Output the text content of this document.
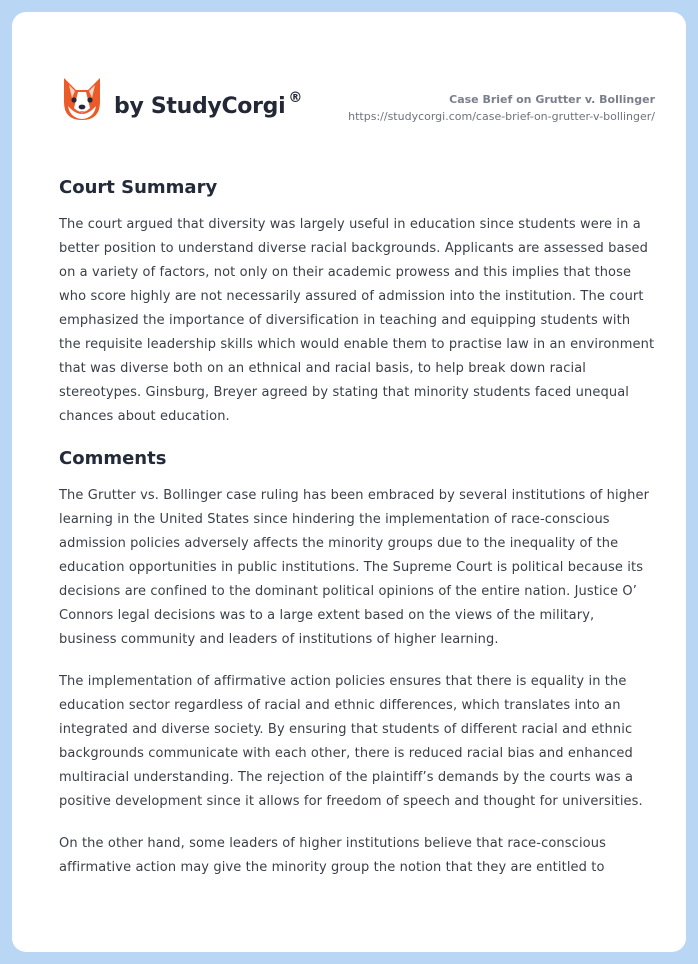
by StudyCorgi ®	Case Brief on Grutter v. Bollinger
https://studycorgi.com/case-brief-on-grutter-v-bollinger/
Court Summary

The court argued that diversity was largely useful in education since students were in a better position to understand diverse racial backgrounds. Applicants are assessed based on a variety of factors, not only on their academic prowess and this implies that those who score highly are not necessarily assured of admission into the institution. The court emphasized the importance of diversification in teaching and equipping students with the requisite leadership skills which would enable them to practise law in an environment that was diverse both on an ethnical and racial basis, to help break down racial stereotypes. Ginsburg, Breyer agreed by stating that minority students faced unequal chances about education.

Comments

The Grutter vs. Bollinger case ruling has been embraced by several institutions of higher learning in the United States since hindering the implementation of race-conscious admission policies adversely affects the minority groups due to the inequality of the education opportunities in public institutions. The Supreme Court is political because its decisions are confined to the dominant political opinions of the entire nation. Justice O’ Connors legal decisions was to a large extent based on the views of the military, business community and leaders of institutions of higher learning.

The implementation of affirmative action policies ensures that there is equality in the education sector regardless of racial and ethnic differences, which translates into an integrated and diverse society. By ensuring that students of different racial and ethnic backgrounds communicate with each other, there is reduced racial bias and enhanced multiracial understanding. The rejection of the plaintiff’s demands by the courts was a positive development since it allows for freedom of speech and thought for universities.

On the other hand, some leaders of higher institutions believe that race-conscious affirmative action may give the minority group the notion that they are entitled to
